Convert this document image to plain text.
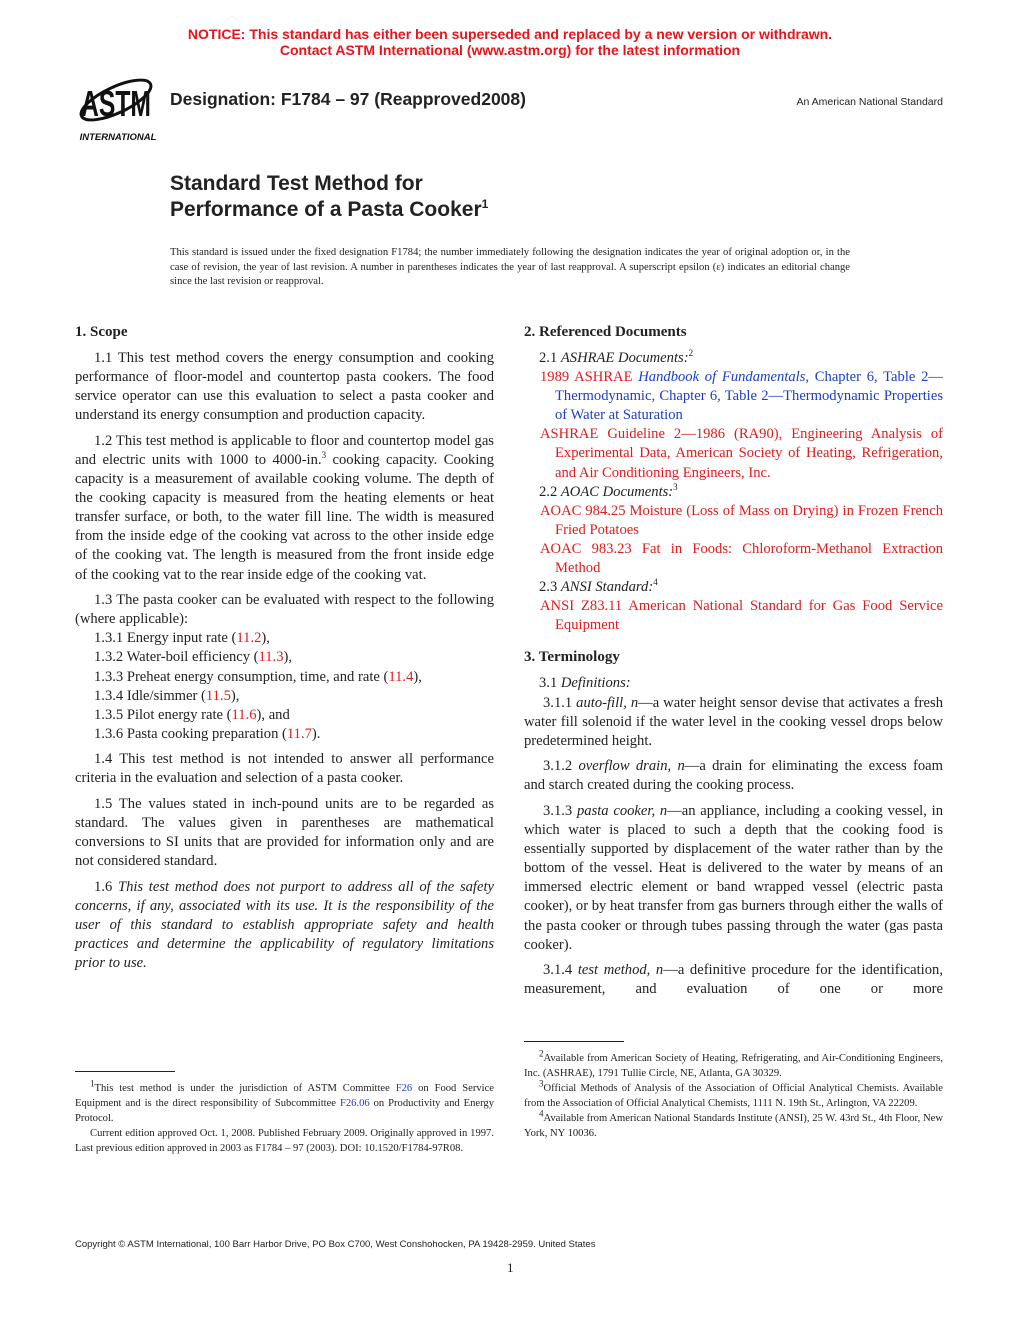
NOTICE: This standard has either been superseded and replaced by a new version or withdrawn.
Contact ASTM International (www.astm.org) for the latest information
ASTM
INTERNATIONAL
Designation: F1784 – 97 (Reapproved2008)	An American National Standard
Standard Test Method for
Performance of a Pasta Cooker$^1$
This standard is issued under the fixed designation F1784; the number immediately following the designation indicates the year of original adoption or, in the case of revision, the year of last revision. A number in parentheses indicates the year of last reapproval. A superscript epsilon (ε) indicates an editorial change since the last revision or reapproval.
1. Scope

1.1 This test method covers the energy consumption and cooking performance of floor-model and countertop pasta cookers. The food service operator can use this evaluation to select a pasta cooker and understand its energy consumption and production capacity.

1.2 This test method is applicable to floor and countertop model gas and electric units with 1000 to 4000-in.$^3$ cooking capacity. Cooking capacity is a measurement of available cooking volume. The depth of the cooking capacity is measured from the heating elements or heat transfer surface, or both, to the water fill line. The width is measured from the inside edge of the cooking vat across to the other inside edge of the cooking vat. The length is measured from the front inside edge of the cooking vat to the rear inside edge of the cooking vat.

1.3 The pasta cooker can be evaluated with respect to the following (where applicable):

1.3.1 Energy input rate (11.2),

1.3.2 Water-boil efficiency (11.3),

1.3.3 Preheat energy consumption, time, and rate (11.4),

1.3.4 Idle/simmer (11.5),

1.3.5 Pilot energy rate (11.6), and

1.3.6 Pasta cooking preparation (11.7).

1.4 This test method is not intended to answer all performance criteria in the evaluation and selection of a pasta cooker.

1.5 The values stated in inch-pound units are to be regarded as standard. The values given in parentheses are mathematical conversions to SI units that are provided for information only and are not considered standard.

1.6 This test method does not purport to address all of the safety concerns, if any, associated with its use. It is the responsibility of the user of this standard to establish appropriate safety and health practices and determine the applicability of regulatory limitations prior to use.

2. Referenced Documents

2.1 ASHRAE Documents:$^2$

1989 ASHRAE Handbook of Fundamentals, Chapter 6, Table 2—Thermodynamic, Chapter 6, Table 2—Thermodynamic Properties of Water at Saturation

ASHRAE Guideline 2—1986 (RA90), Engineering Analysis of Experimental Data, American Society of Heating, Refrigeration, and Air Conditioning Engineers, Inc.

2.2 AOAC Documents:$^3$

AOAC 984.25 Moisture (Loss of Mass on Drying) in Frozen French Fried Potatoes

AOAC 983.23 Fat in Foods: Chloroform-Methanol Extraction Method

2.3 ANSI Standard:$^4$

ANSI Z83.11 American National Standard for Gas Food Service Equipment

3. Terminology

3.1 Definitions:

3.1.1 auto-fill, n—a water height sensor devise that activates a fresh water fill solenoid if the water level in the cooking vessel drops below predetermined height.

3.1.2 overflow drain, n—a drain for eliminating the excess foam and starch created during the cooking process.

3.1.3 pasta cooker, n—an appliance, including a cooking vessel, in which water is placed to such a depth that the cooking food is essentially supported by displacement of the water rather than by the bottom of the vessel. Heat is delivered to the water by means of an immersed electric element or band wrapped vessel (electric pasta cooker), or by heat transfer from gas burners through either the walls of the pasta cooker or through tubes passing through the water (gas pasta cooker).

3.1.4 test method, n—a definitive procedure for the identification, measurement, and evaluation of one or more

$^1$This test method is under the jurisdiction of ASTM Committee F26 on Food Service Equipment and is the direct responsibility of Subcommittee F26.06 on Productivity and Energy Protocol.

Current edition approved Oct. 1, 2008. Published February 2009. Originally approved in 1997. Last previous edition approved in 2003 as F1784 – 97 (2003). DOI: 10.1520/F1784-97R08.

$^2$Available from American Society of Heating, Refrigerating, and Air-Conditioning Engineers, Inc. (ASHRAE), 1791 Tullie Circle, NE, Atlanta, GA 30329.

$^3$Official Methods of Analysis of the Association of Official Analytical Chemists. Available from the Association of Official Analytical Chemists, 1111 N. 19th St., Arlington, VA 22209.

$^4$Available from American National Standards Institute (ANSI), 25 W. 43rd St., 4th Floor, New York, NY 10036.

Copyright © ASTM International, 100 Barr Harbor Drive, PO Box C700, West Conshohocken, PA 19428-2959. United States
1
